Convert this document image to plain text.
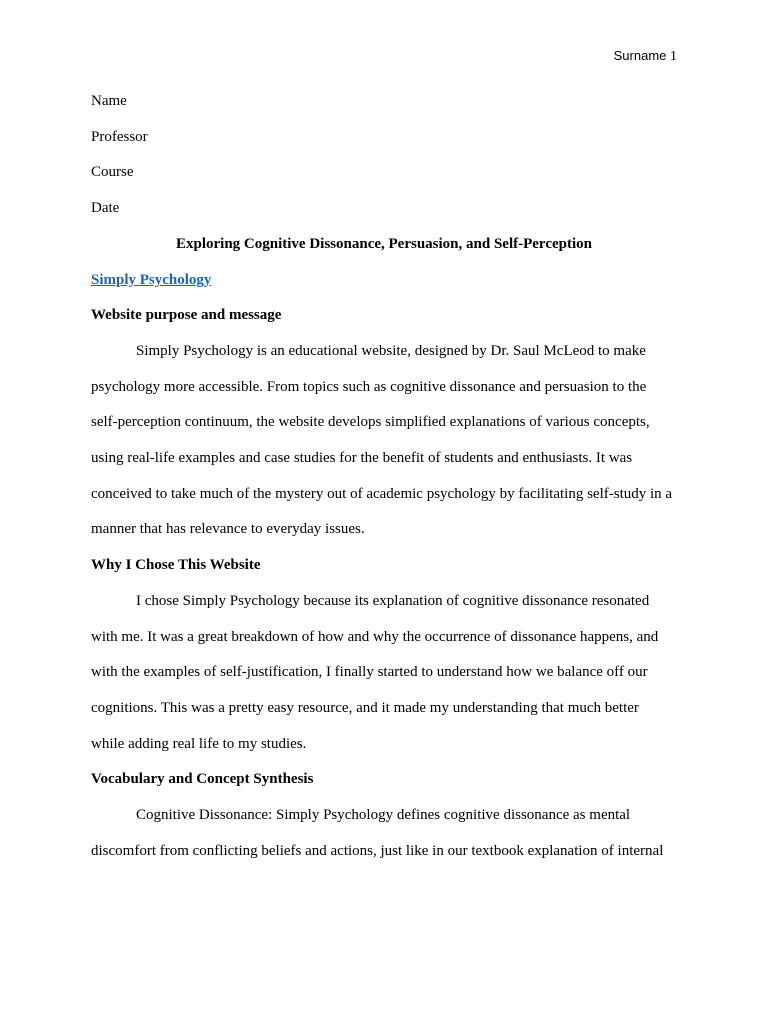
Surname 1
Name
Professor
Course
Date
Exploring Cognitive Dissonance, Persuasion, and Self-Perception
Simply Psychology
Website purpose and message
Simply Psychology is an educational website, designed by Dr. Saul McLeod to make
psychology more accessible. From topics such as cognitive dissonance and persuasion to the
self-perception continuum, the website develops simplified explanations of various concepts,
using real-life examples and case studies for the benefit of students and enthusiasts. It was
conceived to take much of the mystery out of academic psychology by facilitating self-study in a
manner that has relevance to everyday issues.
Why I Chose This Website
I chose Simply Psychology because its explanation of cognitive dissonance resonated
with me. It was a great breakdown of how and why the occurrence of dissonance happens, and
with the examples of self-justification, I finally started to understand how we balance off our
cognitions. This was a pretty easy resource, and it made my understanding that much better
while adding real life to my studies.
Vocabulary and Concept Synthesis
Cognitive Dissonance: Simply Psychology defines cognitive dissonance as mental
discomfort from conflicting beliefs and actions, just like in our textbook explanation of internal
